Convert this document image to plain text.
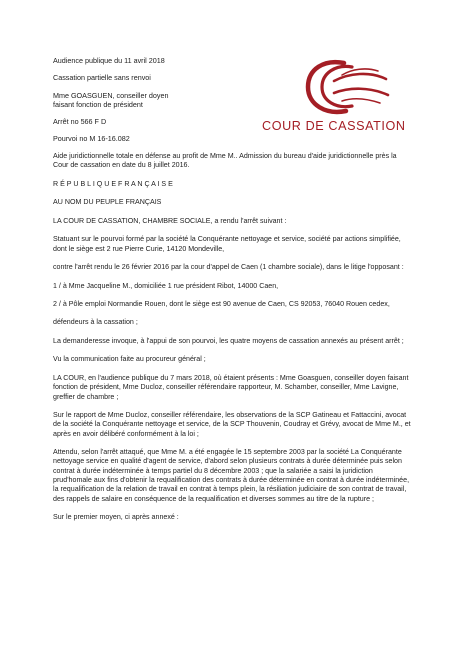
Audience publique du 11 avril 2018

Cassation partielle sans renvoi

Mme GOASGUEN, conseiller doyen
faisant fonction de président

Arrêt no 566 F D

Pourvoi no M 16-16.082

COUR DE CASSATION

Aide juridictionnelle totale en défense au profit de Mme M.. Admission du bureau d'aide juridictionnelle près la Cour de cassation en date du 8 juillet 2016.

R É P U B L I Q U E F R A N Ç A I S E

AU NOM DU PEUPLE FRANÇAIS

LA COUR DE CASSATION, CHAMBRE SOCIALE, a rendu l'arrêt suivant :

Statuant sur le pourvoi formé par la société la Conquérante nettoyage et service, société par actions simplifiée, dont le siège est 2 rue Pierre Curie, 14120 Mondeville,

contre l'arrêt rendu le 26 février 2016 par la cour d'appel de Caen (1 chambre sociale), dans le litige l'opposant :

1 / à Mme Jacqueline M., domiciliée 1 rue président Ribot, 14000 Caen,

2 / à Pôle emploi Normandie Rouen, dont le siège est 90 avenue de Caen, CS 92053, 76040 Rouen cedex,

défendeurs à la cassation ;

La demanderesse invoque, à l'appui de son pourvoi, les quatre moyens de cassation annexés au présent arrêt ;

Vu la communication faite au procureur général ;

LA COUR, en l'audience publique du 7 mars 2018, où étaient présents : Mme Goasguen, conseiller doyen faisant fonction de président, Mme Ducloz, conseiller référendaire rapporteur, M. Schamber, conseiller, Mme Lavigne, greffier de chambre ;

Sur le rapport de Mme Ducloz, conseiller référendaire, les observations de la SCP Gatineau et Fattaccini, avocat de la société la Conquérante nettoyage et service, de la SCP Thouvenin, Coudray et Grévy, avocat de Mme M., et après en avoir délibéré conformément à la loi ;

Attendu, selon l'arrêt attaqué, que Mme M. a été engagée le 15 septembre 2003 par la société La Conquérante nettoyage service en qualité d'agent de service, d'abord selon plusieurs contrats à durée déterminée puis selon contrat à durée indéterminée à temps partiel du 8 décembre 2003 ; que la salariée a saisi la juridiction prud'homale aux fins d'obtenir la requalification des contrats à durée déterminée en contrat à durée indéterminée, la requalification de la relation de travail en contrat à temps plein, la résiliation judiciaire de son contrat de travail, des rappels de salaire en conséquence de la requalification et diverses sommes au titre de la rupture ;

Sur le premier moyen, ci après annexé :
